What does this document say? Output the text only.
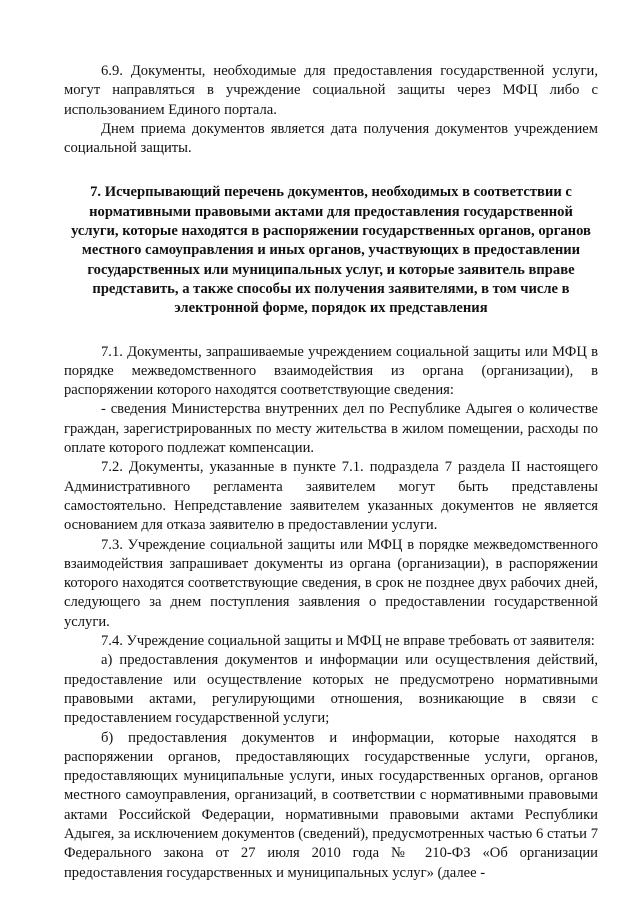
6.9. Документы, необходимые для предоставления государственной услуги, могут направляться в учреждение социальной защиты через МФЦ либо с использованием Единого портала.

Днем приема документов является дата получения документов учреждением социальной защиты.

7. Исчерпывающий перечень документов, необходимых в соответствии с нормативными правовыми актами для предоставления государственной услуги, которые находятся в распоряжении государственных органов, органов местного самоуправления и иных органов, участвующих в предоставлении государственных или муниципальных услуг, и которые заявитель вправе представить, а также способы их получения заявителями, в том числе в электронной форме, порядок их представления

7.1. Документы, запрашиваемые учреждением социальной защиты или МФЦ в порядке межведомственного взаимодействия из органа (организации), в распоряжении которого находятся соответствующие сведения:

- сведения Министерства внутренних дел по Республике Адыгея о количестве граждан, зарегистрированных по месту жительства в жилом помещении, расходы по оплате которого подлежат компенсации.

7.2. Документы, указанные в пункте 7.1. подраздела 7 раздела II настоящего Административного регламента заявителем могут быть представлены самостоятельно. Непредставление заявителем указанных документов не является основанием для отказа заявителю в предоставлении услуги.

7.3. Учреждение социальной защиты или МФЦ в порядке межведомственного взаимодействия запрашивает документы из органа (организации), в распоряжении которого находятся соответствующие сведения, в срок не позднее двух рабочих дней, следующего за днем поступления заявления о предоставлении государственной услуги.

7.4. Учреждение социальной защиты и МФЦ не вправе требовать от заявителя:

а) предоставления документов и информации или осуществления действий, предоставление или осуществление которых не предусмотрено нормативными правовыми актами, регулирующими отношения, возникающие в связи с предоставлением государственной услуги;

б) предоставления документов и информации, которые находятся в распоряжении органов, предоставляющих государственные услуги, органов, предоставляющих муниципальные услуги, иных государственных органов, органов местного самоуправления, организаций, в соответствии с нормативными правовыми актами Российской Федерации, нормативными правовыми актами Республики Адыгея, за исключением документов (сведений), предусмотренных частью 6 статьи 7 Федерального закона от 27 июля 2010 года № 210-ФЗ «Об организации предоставления государственных и муниципальных услуг» (далее -
